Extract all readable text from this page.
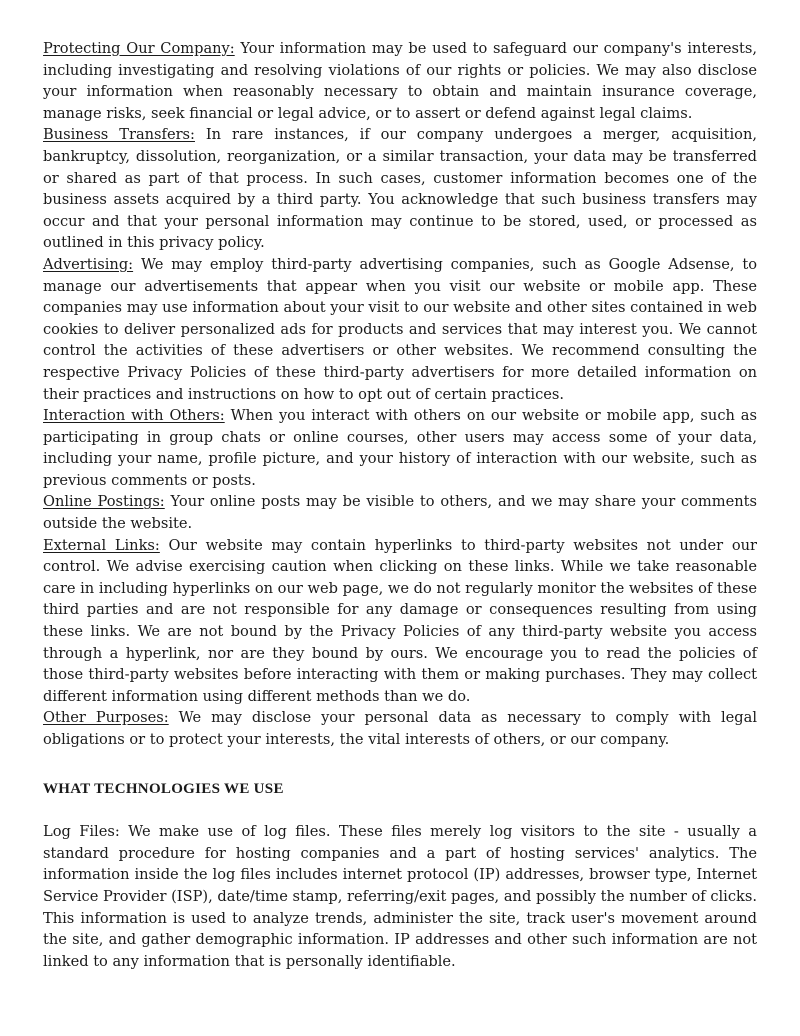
Protecting Our Company: Your information may be used to safeguard our company's interests, including investigating and resolving violations of our rights or policies. We may also disclose your information when reasonably necessary to obtain and maintain insurance coverage, manage risks, seek financial or legal advice, or to assert or defend against legal claims.

Business Transfers: In rare instances, if our company undergoes a merger, acquisition, bankruptcy, dissolution, reorganization, or a similar transaction, your data may be transferred or shared as part of that process. In such cases, customer information becomes one of the business assets acquired by a third party. You acknowledge that such business transfers may occur and that your personal information may continue to be stored, used, or processed as outlined in this privacy policy.

Advertising: We may employ third-party advertising companies, such as Google Adsense, to manage our advertisements that appear when you visit our website or mobile app. These companies may use information about your visit to our website and other sites contained in web cookies to deliver personalized ads for products and services that may interest you. We cannot control the activities of these advertisers or other websites. We recommend consulting the respective Privacy Policies of these third-party advertisers for more detailed information on their practices and instructions on how to opt out of certain practices.

Interaction with Others: When you interact with others on our website or mobile app, such as participating in group chats or online courses, other users may access some of your data, including your name, profile picture, and your history of interaction with our website, such as previous comments or posts.

Online Postings: Your online posts may be visible to others, and we may share your comments outside the website.

External Links: Our website may contain hyperlinks to third-party websites not under our control. We advise exercising caution when clicking on these links. While we take reasonable care in including hyperlinks on our web page, we do not regularly monitor the websites of these third parties and are not responsible for any damage or consequences resulting from using these links. We are not bound by the Privacy Policies of any third-party website you access through a hyperlink, nor are they bound by ours. We encourage you to read the policies of those third-party websites before interacting with them or making purchases. They may collect different information using different methods than we do.

Other Purposes: We may disclose your personal data as necessary to comply with legal obligations or to protect your interests, the vital interests of others, or our company.

WHAT TECHNOLOGIES WE USE

Log Files: We make use of log files. These files merely log visitors to the site - usually a standard procedure for hosting companies and a part of hosting services' analytics. The information inside the log files includes internet protocol (IP) addresses, browser type, Internet Service Provider (ISP), date/time stamp, referring/exit pages, and possibly the number of clicks. This information is used to analyze trends, administer the site, track user's movement around the site, and gather demographic information. IP addresses and other such information are not linked to any information that is personally identifiable.
